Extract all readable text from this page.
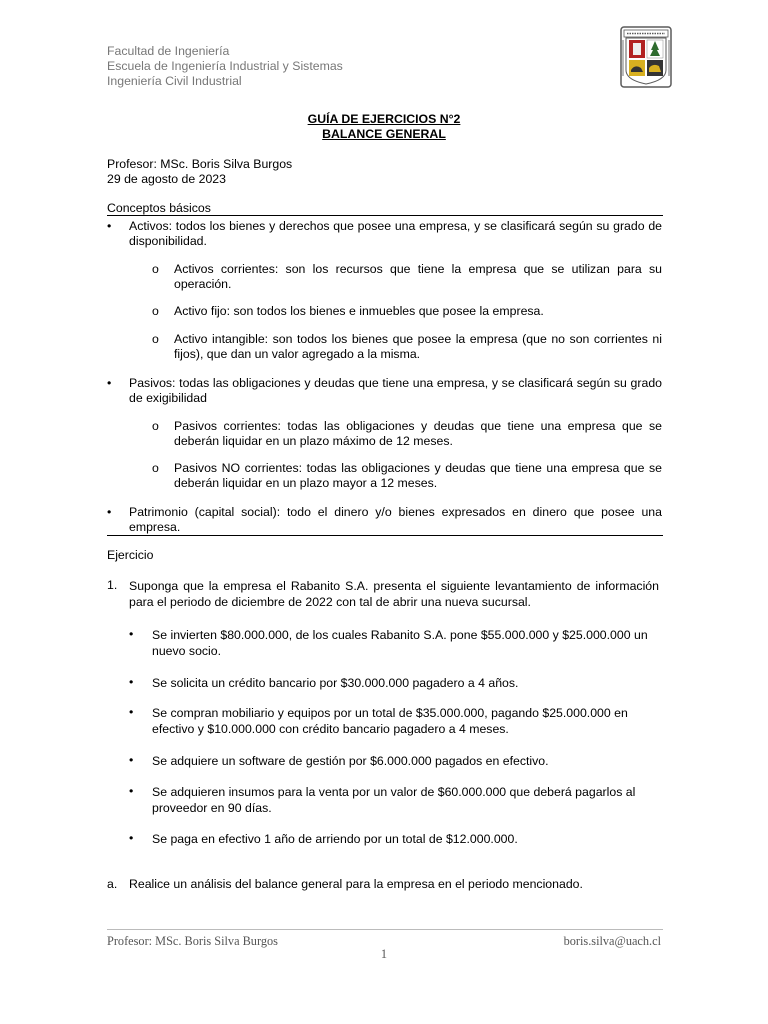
Facultad de Ingeniería
Escuela de Ingeniería Industrial y Sistemas
Ingeniería Civil Industrial
GUÍA DE EJERCICIOS N°2
BALANCE GENERAL
Profesor: MSc. Boris Silva Burgos
29 de agosto de 2023
Conceptos básicos
• Activos: todos los bienes y derechos que posee una empresa, y se clasificará según su grado de disponibilidad.
o Activos corrientes: son los recursos que tiene la empresa que se utilizan para su operación.
o Activo fijo: son todos los bienes e inmuebles que posee la empresa.
o Activo intangible: son todos los bienes que posee la empresa (que no son corrientes ni fijos), que dan un valor agregado a la misma.
• Pasivos: todas las obligaciones y deudas que tiene una empresa, y se clasificará según su grado de exigibilidad
o Pasivos corrientes: todas las obligaciones y deudas que tiene una empresa que se deberán liquidar en un plazo máximo de 12 meses.
o Pasivos NO corrientes: todas las obligaciones y deudas que tiene una empresa que se deberán liquidar en un plazo mayor a 12 meses.
• Patrimonio (capital social): todo el dinero y/o bienes expresados en dinero que posee una empresa.
Ejercicio
1. Suponga que la empresa el Rabanito S.A. presenta el siguiente levantamiento de información para el periodo de diciembre de 2022 con tal de abrir una nueva sucursal.
• Se invierten $80.000.000, de los cuales Rabanito S.A. pone $55.000.000 y $25.000.000 un nuevo socio.
• Se solicita un crédito bancario por $30.000.000 pagadero a 4 años.
• Se compran mobiliario y equipos por un total de $35.000.000, pagando $25.000.000 en efectivo y $10.000.000 con crédito bancario pagadero a 4 meses.
• Se adquiere un software de gestión por $6.000.000 pagados en efectivo.
• Se adquieren insumos para la venta por un valor de $60.000.000 que deberá pagarlos al proveedor en 90 días.
• Se paga en efectivo 1 año de arriendo por un total de $12.000.000.
a. Realice un análisis del balance general para la empresa en el periodo mencionado.
Profesor: MSc. Boris Silva Burgos	boris.silva@uach.cl
1
